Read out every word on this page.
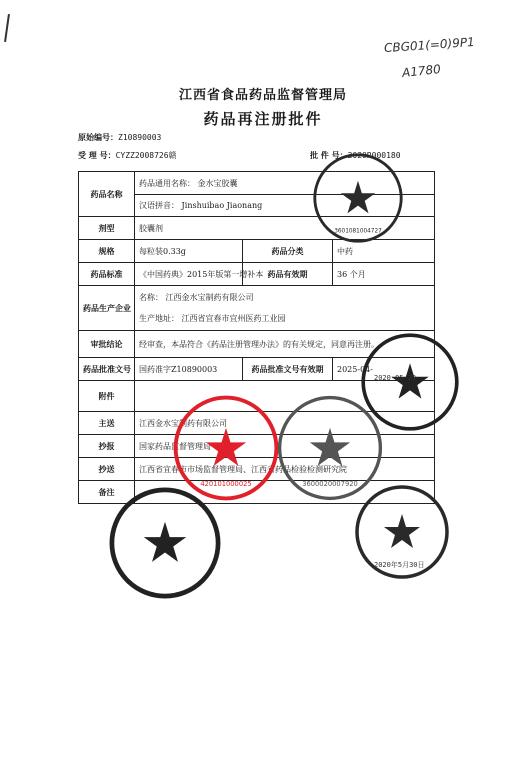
CBG01(=0)9P1
A1780
江西省食品药品监督管理局
药品再注册批件
原始编号：Z10890003
受 理 号：CYZZ2008726赣	批 件 号：2020R000180
药品名称	药品通用名称： 金水宝胶囊
汉语拼音： Jinshuibao Jiaonang		

剂型	胶囊剂		
规格	每粒装0.33g	药品分类	中药
药品标准	《中国药典》2015年版第一增补本	药品有效期	36 个月
药品生产企业	名称： 江西金水宝制药有限公司
生产地址： 江西省宜春市宜州医药工业园		

审批结论	经审查，本品符合《药品注册管理办法》的有关规定，同意再注册。		
药品批准文号	国药准字Z10890003	药品批准文号有效期	2025-04-
附件			
主送	江西金水宝制药有限公司		
抄报	国家药品监督管理局		
抄送	江西省宜春市市场监督管理局、江西省药品检验检测研究院		
备注			
3601081004727
2020-05-29
420101000025	3600020007920
2020年5月30日
